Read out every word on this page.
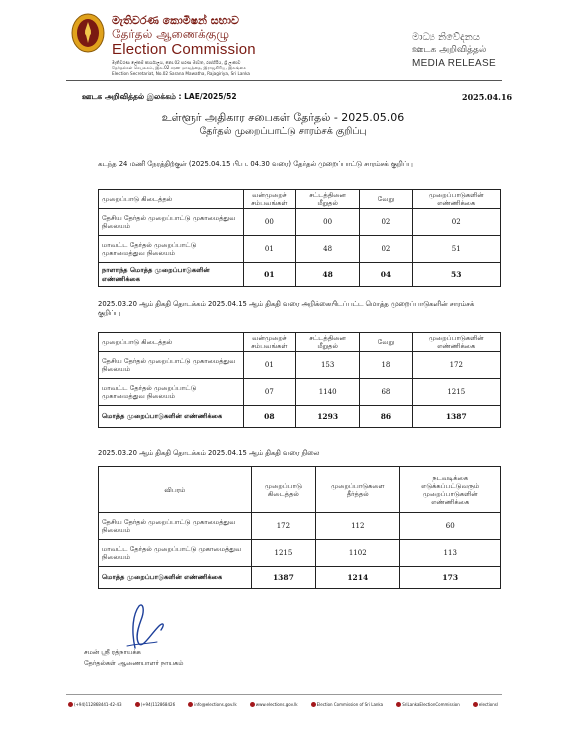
මැතිවරණ කොමිෂන් සභාව
தேர்தல் ஆணைக்குழு
Election Commission
මැතිවරණ ලේකම් කාර්යාලය, නො.02 සරණ මාවත, රාජගිරිය, ශ්‍රී ලංකාව
தேர்தல்கள் செயலகம், இல.02 சரண மாவத்தை, இராஜகிரிய, இலங்கை
Election Secretariat, No.02 Sarana Mawatha, Rajagiriya, Sri Lanka
මාධ්‍ය නිවේදනය
ஊடக அறிவித்தல்
MEDIA RELEASE
ஊடக அறிவித்தல் இலக்கம் : LAE/2025/52	2025.04.16
உள்ளூர் அதிகார சபைகள் தேர்தல் - 2025.05.06
தேர்தல் முறைப்பாட்டு சாரம்சக் குறிப்பு
கடந்த 24 மணி நேரத்திற்குள் (2025.04.15 பி.ப. 04.30 வரை) தேர்தல் முறைப்பாட்டு சாரம்சக் குறிப்பு
முறைப்பாடு கிடைத்தல்	வன்முறைச் சம்பவங்கள்	சட்டத்தினை மீறுதல்	வேறு	முறைப்பாடுகளின் எண்ணிக்கை
தேசிய தேர்தல் முறைப்பாட்டு முகாமைத்துவ நிலையம்	00	00	02	02
மாவட்ட தேர்தல் முறைப்பாட்டு முகாமைத்துவ நிலையம்	01	48	02	51
நாளாந்த மொத்த முறைப்பாடுகளின் எண்ணிக்கை	01	48	04	53
2025.03.20 ஆம் திகதி தொடக்கம் 2025.04.15 ஆம் திகதி வரை அறிக்கையிடப்பட்ட மொத்த முறைப்பாடுகளின் சாரம்சக் குறிப்பு
முறைப்பாடு கிடைத்தல்	வன்முறைச் சம்பவங்கள்	சட்டத்தினை மீறுதல்	வேறு	முறைப்பாடுகளின் எண்ணிக்கை
தேசிய தேர்தல் முறைப்பாட்டு முகாமைத்துவ நிலையம்	01	153	18	172
மாவட்ட தேர்தல் முறைப்பாட்டு முகாமைத்துவ நிலையம்	07	1140	68	1215
மொத்த முறைப்பாடுகளின் எண்ணிக்கை	08	1293	86	1387
2025.03.20 ஆம் திகதி தொடக்கம் 2025.04.15 ஆம் திகதி வரை நிலை
விபரம்	முறைப்பாடு கிடைத்தல்	முறைப்பாடுகளை தீர்த்தல்	நடவடிக்கை எடுக்கப்பட்டுவரும் முறைப்பாடுகளின் எண்ணிக்கை
தேசிய தேர்தல் முறைப்பாட்டு முகாமைத்துவ நிலையம்	172	112	60
மாவட்ட தேர்தல் முறைப்பாட்டு முகாமைத்துவ நிலையம்	1215	1102	113
மொத்த முறைப்பாடுகளின் எண்ணிக்கை	1387	1214	173
சமன் ஸ்ரீ ரத்நாயக்க
தேர்தல்கள் ஆணையாளர் நாயகம்
(+94)112868441-42-43	(+94)112868426	info@elections.gov.lk	www.elections.gov.lk	Election Commission of Sri Lanka	SriLankaElectionCommission	electionsl
